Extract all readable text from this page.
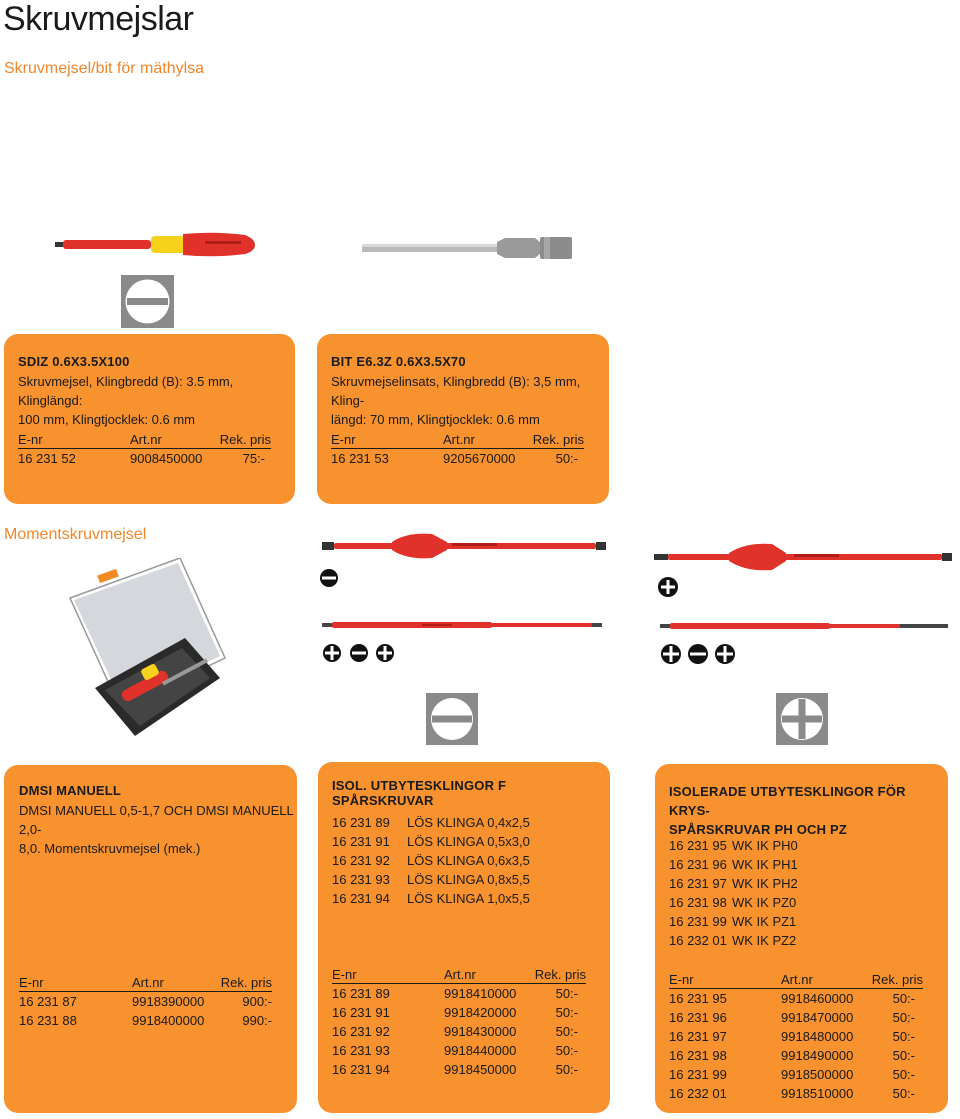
Skruvmejslar
Skruvmejsel/bit för mäthylsa
SDIZ 0.6X3.5X100
Skruvmejsel, Klingbredd (B): 3.5 mm, Klinglängd:
100 mm, Klingtjocklek: 0.6 mm
E-nr	Art.nr	Rek. pris
16 231 52	9008450000	75:-
BIT E6.3Z 0.6X3.5X70
Skruvmejselinsats, Klingbredd (B): 3,5 mm, Kling-
längd: 70 mm, Klingtjocklek: 0.6 mm
E-nr	Art.nr	Rek. pris
16 231 53	9205670000	50:-
Momentskruvmejsel
DMSI MANUELL
DMSI MANUELL 0,5-1,7 OCH DMSI MANUELL 2,0-
8,0. Momentskruvmejsel (mek.)
E-nr	Art.nr	Rek. pris
16 231 87	9918390000	900:-
16 231 88	9918400000	990:-
ISOL. UTBYTESKLINGOR F SPÅRSKRUVAR
16 231 89 LÖS KLINGA 0,4x2,5
16 231 91 LÖS KLINGA 0,5x3,0
16 231 92 LÖS KLINGA 0,6x3,5
16 231 93 LÖS KLINGA 0,8x5,5
16 231 94 LÖS KLINGA 1,0x5,5
E-nr	Art.nr	Rek. pris
16 231 89	9918410000	50:-
16 231 91	9918420000	50:-
16 231 92	9918430000	50:-
16 231 93	9918440000	50:-
16 231 94	9918450000	50:-
ISOLERADE UTBYTESKLINGOR FÖR KRYS-
SPÅRSKRUVAR PH OCH PZ
16 231 95 WK IK PH0
16 231 96 WK IK PH1
16 231 97 WK IK PH2
16 231 98 WK IK PZ0
16 231 99 WK IK PZ1
16 232 01 WK IK PZ2
E-nr	Art.nr	Rek. pris
16 231 95	9918460000	50:-
16 231 96	9918470000	50:-
16 231 97	9918480000	50:-
16 231 98	9918490000	50:-
16 231 99	9918500000	50:-
16 232 01	9918510000	50:-
